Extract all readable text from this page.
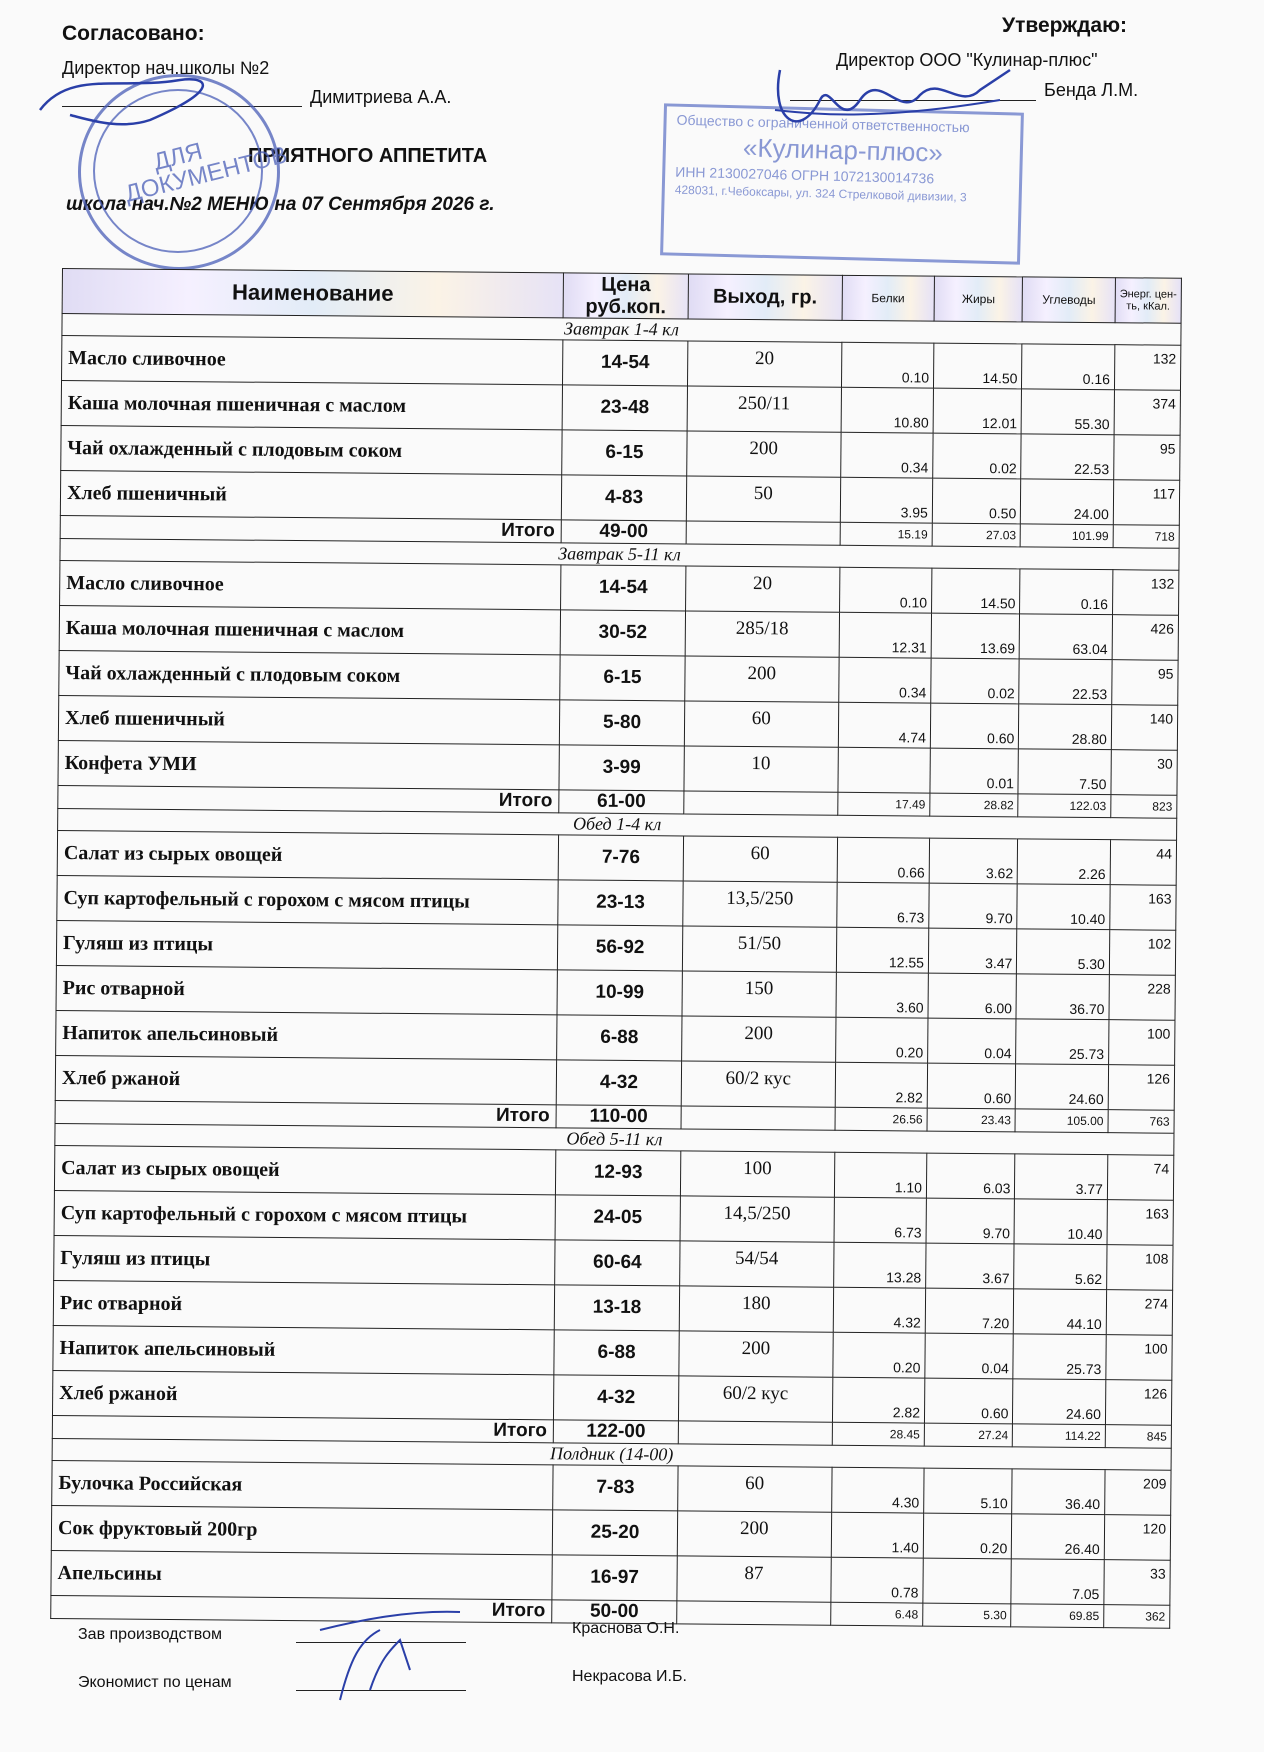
Согласовано:
Директор нач.школы №2
Димитриева А.А.
Утверждаю:
Директор ООО "Кулинар-плюс"
Бенда Л.М.
ПРИЯТНОГО АППЕТИТА
школа нач.№2 МЕНЮ на 07 Сентября 2026 г.
ДЛЯ ДОКУМЕНТОВ
Общество с ограниченной ответственностью
«Кулинар-плюс»
ИНН 2130027046 ОГРН 1072130014736
428031, г.Чебоксары, ул. 324 Стрелковой дивизии, 3
Наименование	Цена руб.коп.	Выход, гр.	Белки	Жиры	Углеводы	Энерг. цен-ть, кКал.
Завтрак 1-4 кл						
Масло сливочное	14-54	20	0.10	14.50	0.16	132
Каша молочная пшеничная с маслом	23-48	250/11	10.80	12.01	55.30	374
Чай охлажденный с плодовым соком	6-15	200	0.34	0.02	22.53	95
Хлеб пшеничный	4-83	50	3.95	0.50	24.00	117
Итого	49-00		15.19	27.03	101.99	718
Завтрак 5-11 кл						
Масло сливочное	14-54	20	0.10	14.50	0.16	132
Каша молочная пшеничная с маслом	30-52	285/18	12.31	13.69	63.04	426
Чай охлажденный с плодовым соком	6-15	200	0.34	0.02	22.53	95
Хлеб пшеничный	5-80	60	4.74	0.60	28.80	140
Конфета УМИ	3-99	10		0.01	7.50	30
Итого	61-00		17.49	28.82	122.03	823
Обед 1-4 кл						
Салат из сырых овощей	7-76	60	0.66	3.62	2.26	44
Суп картофельный с горохом с мясом птицы	23-13	13,5/250	6.73	9.70	10.40	163
Гуляш из птицы	56-92	51/50	12.55	3.47	5.30	102
Рис отварной	10-99	150	3.60	6.00	36.70	228
Напиток апельсиновый	6-88	200	0.20	0.04	25.73	100
Хлеб ржаной	4-32	60/2 кус	2.82	0.60	24.60	126
Итого	110-00		26.56	23.43	105.00	763
Обед 5-11 кл						
Салат из сырых овощей	12-93	100	1.10	6.03	3.77	74
Суп картофельный с горохом с мясом птицы	24-05	14,5/250	6.73	9.70	10.40	163
Гуляш из птицы	60-64	54/54	13.28	3.67	5.62	108
Рис отварной	13-18	180	4.32	7.20	44.10	274
Напиток апельсиновый	6-88	200	0.20	0.04	25.73	100
Хлеб ржаной	4-32	60/2 кус	2.82	0.60	24.60	126
Итого	122-00		28.45	27.24	114.22	845
Полдник (14-00)						
Булочка Российская	7-83	60	4.30	5.10	36.40	209
Сок фруктовый 200гр	25-20	200	1.40	0.20	26.40	120
Апельсины	16-97	87	0.78		7.05	33
Итого	50-00		6.48	5.30	69.85	362
Зав производством	Краснова О.Н.
Экономист по ценам	Некрасова И.Б.
